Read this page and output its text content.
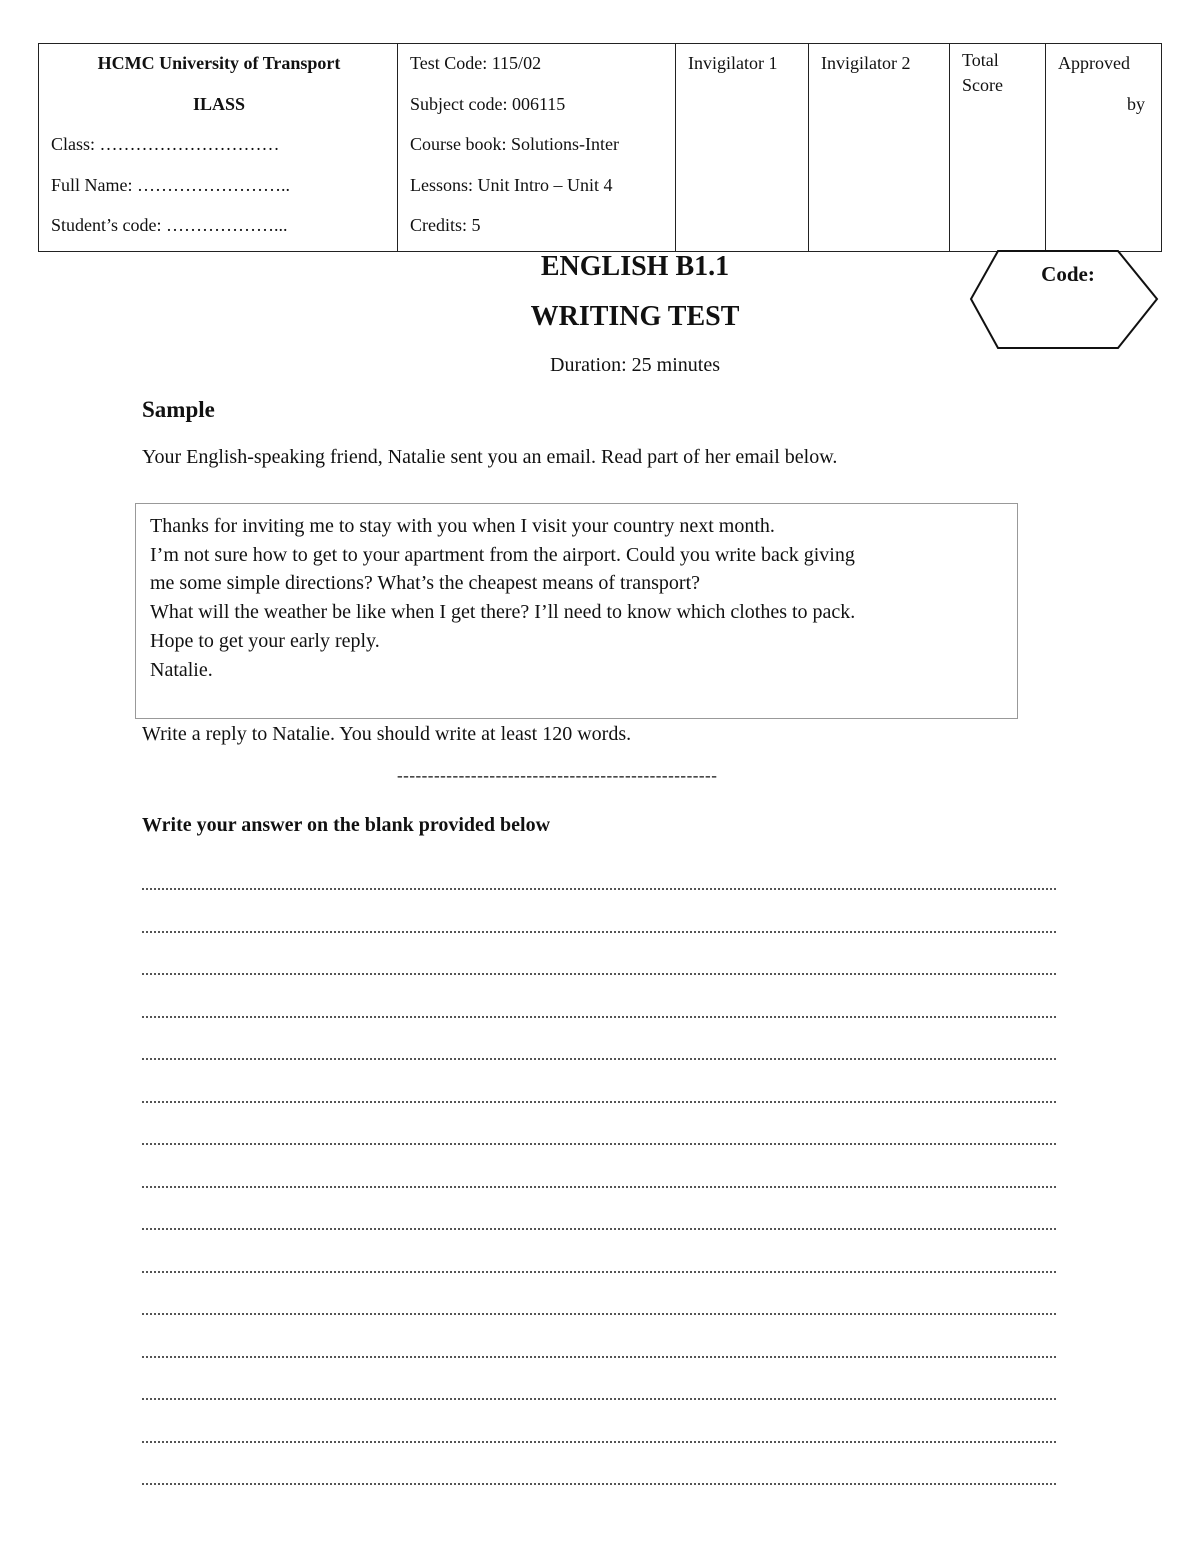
HCMC University of Transport
ILASS
Class: …………………………
Full Name: ……………………..
Student’s code: ………………...

Test Code: 115/02
Subject code: 006115
Course book: Solutions-Inter
Lessons: Unit Intro – Unit 4
Credits: 5

Invigilator 1	Invigilator 2	Total Score

Approved
by
ENGLISH B1.1
WRITING TEST
Duration: 25 minutes
Code:
Sample
Your English-speaking friend, Natalie sent you an email. Read part of her email below.
Thanks for inviting me to stay with you when I visit your country next month.
I’m not sure how to get to your apartment from the airport. Could you write back giving
me some simple directions? What’s the cheapest means of transport?
What will the weather be like when I get there? I’ll need to know which clothes to pack.
Hope to get your early reply.
Natalie.
Write a reply to Natalie. You should write at least 120 words.
----------------------------------------------------
Write your answer on the blank provided below
